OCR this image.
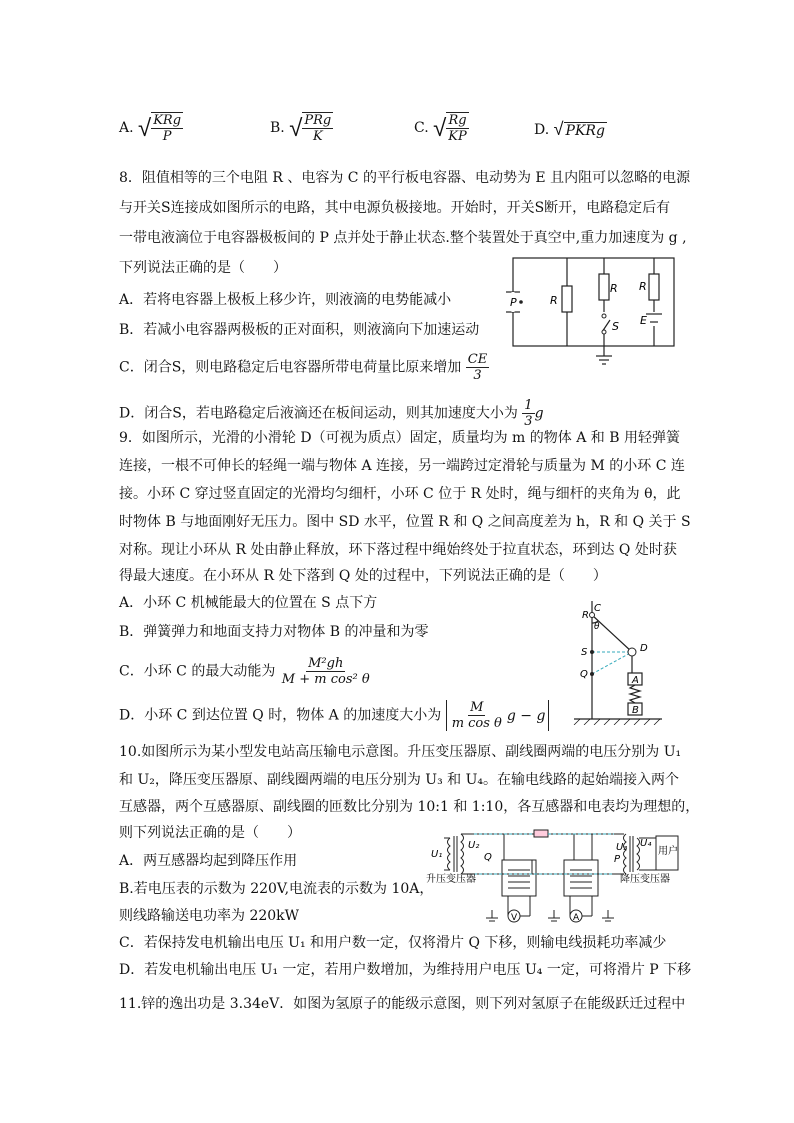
A. √ $\frac{\text{KRg}}{P}$	B. √ $\frac{\text{PRg}}{K}$	C. √ $\frac{Rg}{KP}$	D. √ PKRg
8．阻值相等的三个电阻 R 、电容为 C 的平行板电容器、电动势为 E 且内阻可以忽略的电源
与开关S连接成如图所示的电路，其中电源负极接地。开始时，开关S断开，电路稳定后有
一带电液滴位于电容器极板间的 P 点并处于静止状态.整个装置处于真空中,重力加速度为 g ,
下列说法正确的是（　　）
A．若将电容器上极板上移少许，则液滴的电势能减小
B．若减小电容器两极板的正对面积，则液滴向下加速运动
C．闭合S，则电路稳定后电容器所带电荷量比原来增加 $\frac{CE}{3}$
D．闭合S，若电路稳定后液滴还在板间运动，则其加速度大小为 $\frac{1}{3}$ g
P	R
R R
S E
9．如图所示，光滑的小滑轮 D（可视为质点）固定，质量均为 m 的物体 A 和 B 用轻弹簧
连接，一根不可伸长的轻绳一端与物体 A 连接，另一端跨过定滑轮与质量为 M 的小环 C 连
接。小环 C 穿过竖直固定的光滑均匀细杆，小环 C 位于 R 处时，绳与细杆的夹角为 θ，此
时物体 B 与地面刚好无压力。图中 SD 水平，位置 R 和 Q 之间高度差为 h，R 和 Q 关于 S
对称。现让小环从 R 处由静止释放，环下落过程中绳始终处于拉直状态，环到达 Q 处时获
得最大速度。在小环从 R 处下落到 Q 处的过程中，下列说法正确的是（　　）
A．小环 C 机械能最大的位置在 S 点下方
B．弹簧弹力和地面支持力对物体 B 的冲量和为零
C．小环 C 的最大动能为 $\frac{\text{M²gh}}{\text{M + m cos² θ}}$
D．小环 C 到达位置 Q 时，物体 A 的加速度大小为 $\frac{M}{\text{m cos θ}}$ g − g
C
R
θ
S	D
Q
A
B
10.如图所示为某小型发电站高压输电示意图。升压变压器原、副线圈两端的电压分别为 U₁
和 U₂，降压变压器原、副线圈两端的电压分别为 U₃ 和 U₄。在输电线路的起始端接入两个
互感器，两个互感器原、副线圈的匝数比分别为 10:1 和 1:10，各互感器和电表均为理想的，
则下列说法正确的是（　　）
A．两互感器均起到降压作用
B.若电压表的示数为 220V,电流表的示数为 10A，
则线路输送电功率为 220kW
C．若保持发电机输出电压 U₁ 和用户数一定，仅将滑片 Q 下移，则输电线损耗功率减少
D．若发电机输出电压 U₁ 一定，若用户数增加，为维持用户电压 U₄ 一定，可将滑片 P 下移
V	A
U₁
U₂
Q
U₃
P
U₄
用户
升压变压器	降压变压器
11.锌的逸出功是 3.34eV．如图为氢原子的能级示意图，则下列对氢原子在能级跃迁过程中
